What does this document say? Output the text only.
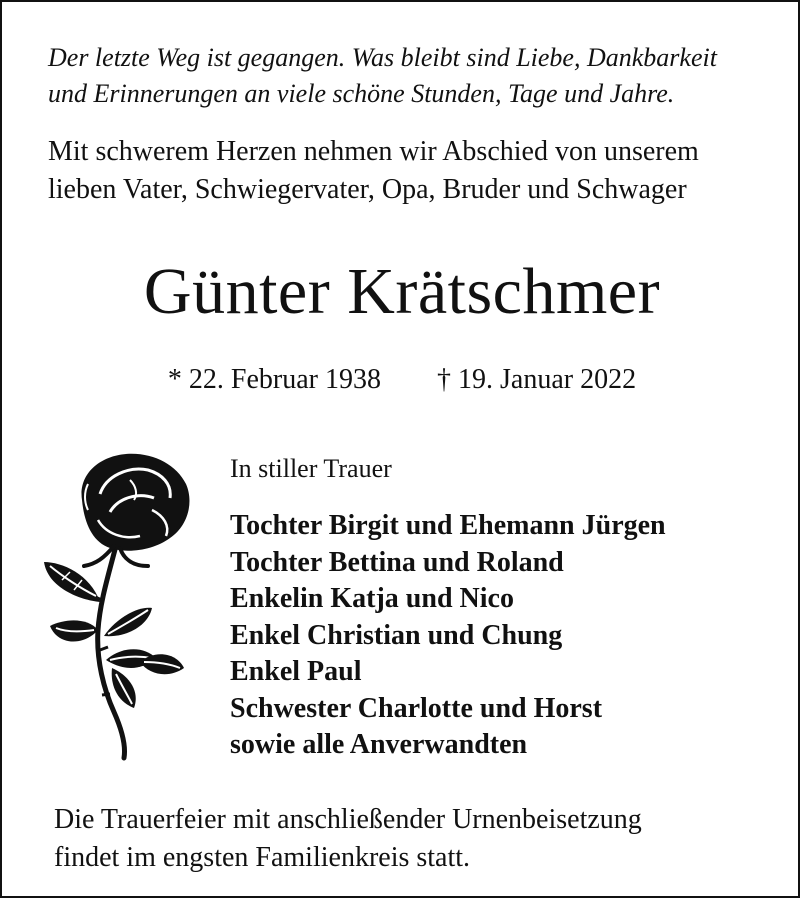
Der letzte Weg ist gegangen. Was bleibt sind Liebe, Dankbarkeit
und Erinnerungen an viele schöne Stunden, Tage und Jahre.

Mit schwerem Herzen nehmen wir Abschied von unserem
lieben Vater, Schwiegervater, Opa, Bruder und Schwager

Günter Krätschmer
* 22. Februar 1938 † 19. Januar 2022

In stiller Trauer

Tochter Birgit und Ehemann Jürgen
Tochter Bettina und Roland
Enkelin Katja und Nico
Enkel Christian und Chung
Enkel Paul
Schwester Charlotte und Horst
sowie alle Anverwandten

Die Trauerfeier mit anschließender Urnenbeisetzung
findet im engsten Familienkreis statt.
